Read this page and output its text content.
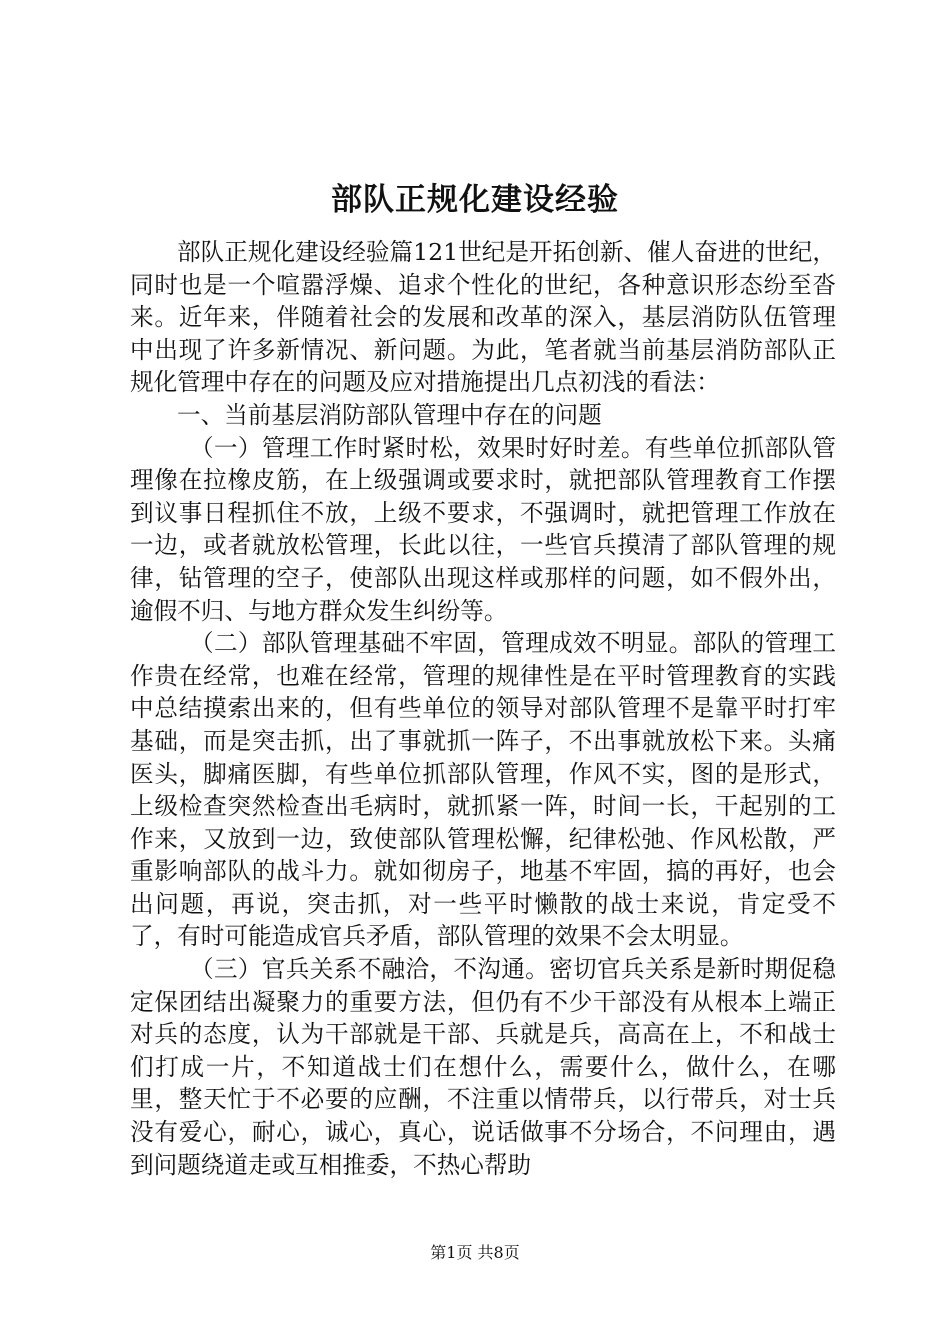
部队正规化建设经验

部队正规化建设经验篇121世纪是开拓创新、催人奋进的世纪，同时也是一个喧嚣浮燥、追求个性化的世纪，各种意识形态纷至沓来。近年来，伴随着社会的发展和改革的深入，基层消防队伍管理中出现了许多新情况、新问题。为此，笔者就当前基层消防部队正规化管理中存在的问题及应对措施提出几点初浅的看法：

一、当前基层消防部队管理中存在的问题

（一）管理工作时紧时松，效果时好时差。有些单位抓部队管理像在拉橡皮筋，在上级强调或要求时，就把部队管理教育工作摆到议事日程抓住不放，上级不要求，不强调时，就把管理工作放在一边，或者就放松管理，长此以往，一些官兵摸清了部队管理的规律，钻管理的空子，使部队出现这样或那样的问题，如不假外出，逾假不归、与地方群众发生纠纷等。

（二）部队管理基础不牢固，管理成效不明显。部队的管理工作贵在经常，也难在经常，管理的规律性是在平时管理教育的实践中总结摸索出来的，但有些单位的领导对部队管理不是靠平时打牢基础，而是突击抓，出了事就抓一阵子，不出事就放松下来。头痛医头，脚痛医脚，有些单位抓部队管理，作风不实，图的是形式，上级检查突然检查出毛病时，就抓紧一阵，时间一长，干起别的工作来，又放到一边，致使部队管理松懈，纪律松弛、作风松散，严重影响部队的战斗力。就如彻房子，地基不牢固，搞的再好，也会出问题，再说，突击抓，对一些平时懒散的战士来说，肯定受不了，有时可能造成官兵矛盾，部队管理的效果不会太明显。

（三）官兵关系不融洽，不沟通。密切官兵关系是新时期促稳定保团结出凝聚力的重要方法，但仍有不少干部没有从根本上端正对兵的态度，认为干部就是干部、兵就是兵，高高在上，不和战士们打成一片，不知道战士们在想什么，需要什么，做什么，在哪里，整天忙于不必要的应酬，不注重以情带兵，以行带兵，对士兵没有爱心，耐心，诚心，真心，说话做事不分场合，不问理由，遇到问题绕道走或互相推委，不热心帮助

第1页 共8页
